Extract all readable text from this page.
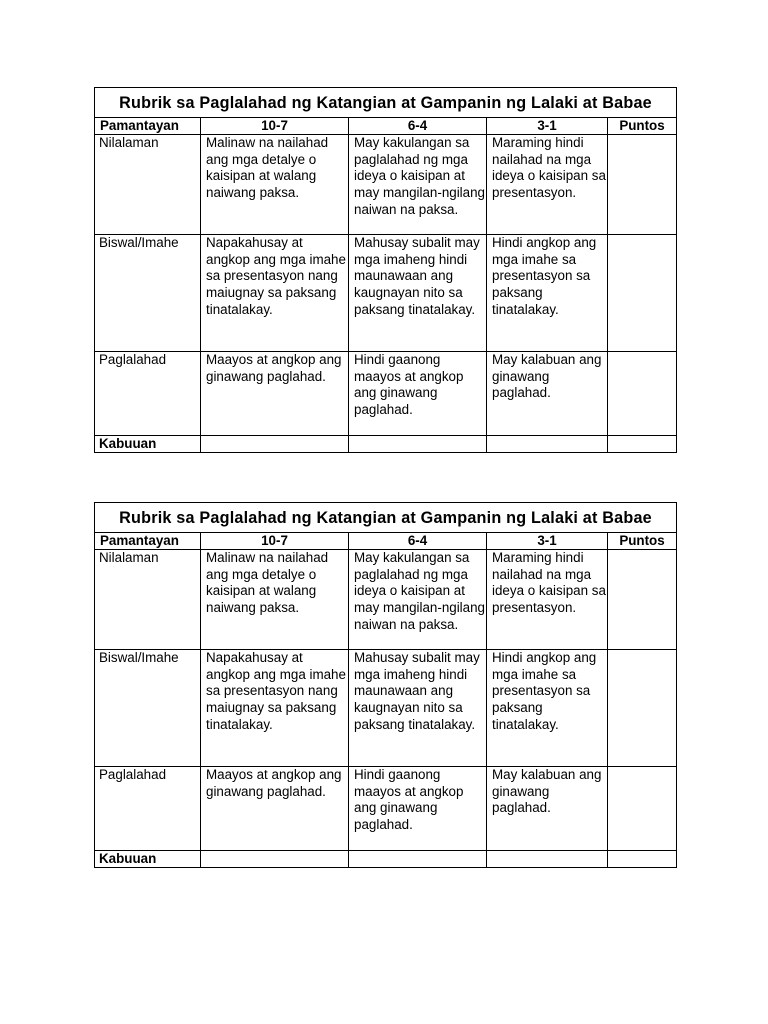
Rubrik sa Paglalahad ng Katangian at Gampanin ng Lalaki at Babae				
Pamantayan	10-7	6-4	3-1	Puntos
Nilalaman	Malinaw na nailahad ang mga detalye o kaisipan at walang naiwang paksa.	May kakulangan sa paglalahad ng mga ideya o kaisipan at may mangilan-ngilang naiwan na paksa.	Maraming hindi nailahad na mga ideya o kaisipan sa presentasyon.	
Biswal/Imahe	Napakahusay at angkop ang mga imahe sa presentasyon nang maiugnay sa paksang tinatalakay.	Mahusay subalit may mga imaheng hindi maunawaan ang kaugnayan nito sa paksang tinatalakay.	Hindi angkop ang mga imahe sa presentasyon sa paksang tinatalakay.	
Paglalahad	Maayos at angkop ang ginawang paglahad.	Hindi gaanong maayos at angkop ang ginawang paglahad.	May kalabuan ang ginawang paglahad.	
Kabuuan				
Rubrik sa Paglalahad ng Katangian at Gampanin ng Lalaki at Babae				
Pamantayan	10-7	6-4	3-1	Puntos
Nilalaman	Malinaw na nailahad ang mga detalye o kaisipan at walang naiwang paksa.	May kakulangan sa paglalahad ng mga ideya o kaisipan at may mangilan-ngilang naiwan na paksa.	Maraming hindi nailahad na mga ideya o kaisipan sa presentasyon.	
Biswal/Imahe	Napakahusay at angkop ang mga imahe sa presentasyon nang maiugnay sa paksang tinatalakay.	Mahusay subalit may mga imaheng hindi maunawaan ang kaugnayan nito sa paksang tinatalakay.	Hindi angkop ang mga imahe sa presentasyon sa paksang tinatalakay.	
Paglalahad	Maayos at angkop ang ginawang paglahad.	Hindi gaanong maayos at angkop ang ginawang paglahad.	May kalabuan ang ginawang paglahad.	
Kabuuan				
